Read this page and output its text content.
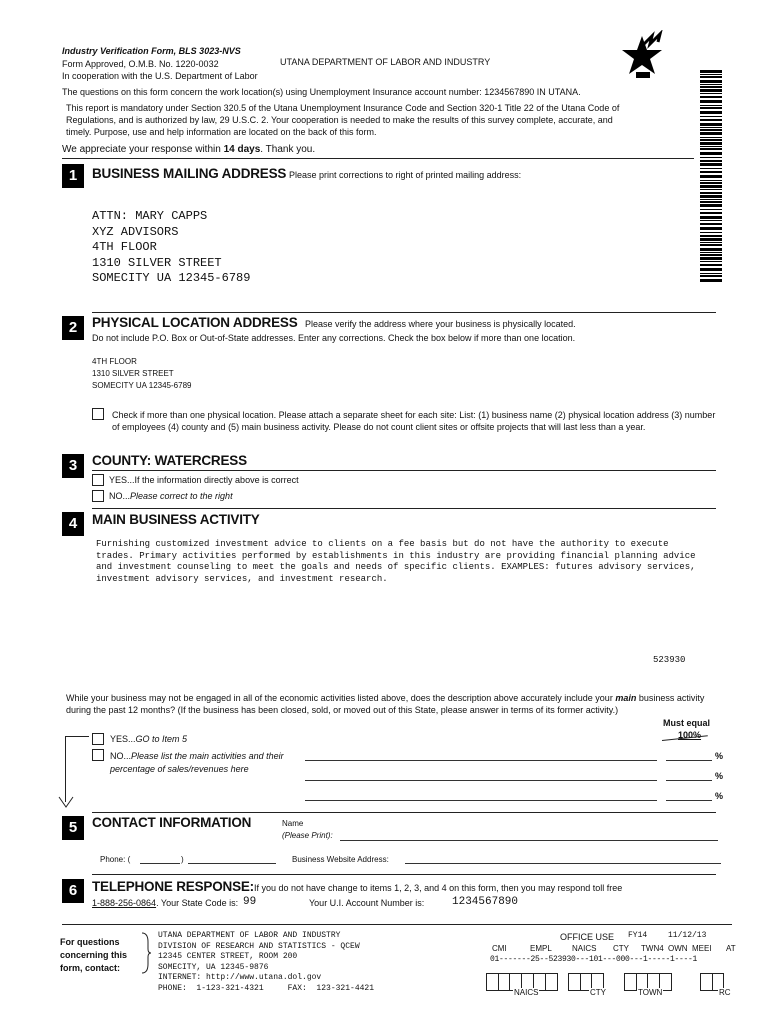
Industry Verification Form, BLS 3023-NVS
Form Approved, O.M.B. No. 1220-0032
In cooperation with the U.S. Department of Labor
UTANA DEPARTMENT OF LABOR AND INDUSTRY
The questions on this form concern the work location(s) using Unemployment Insurance account number: 1234567890 IN UTANA.
This report is mandatory under Section 320.5 of the Utana Unemployment Insurance Code and Section 320-1 Title 22 of the Utana Code of Regulations, and is authorized by law, 29 U.S.C. 2. Your cooperation is needed to make the results of this survey complete, accurate, and timely. Purpose, use and help information are located on the back of this form.
We appreciate your response within 14 days. Thank you.
1	BUSINESS MAILING ADDRESS Please print corrections to right of printed mailing address:
ATTN: MARY CAPPS
XYZ ADVISORS
4TH FLOOR
1310 SILVER STREET
SOMECITY UA 12345-6789
2	PHYSICAL LOCATION ADDRESS Please verify the address where your business is physically located.
Do not include P.O. Box or Out-of-State addresses. Enter any corrections. Check the box below if more than one location.
4TH FLOOR
1310 SILVER STREET
SOMECITY UA 12345-6789
Check if more than one physical location. Please attach a separate sheet for each site: List: (1) business name (2) physical location address (3) number of employees (4) county and (5) main business activity. Please do not count client sites or offsite projects that will last less than a year.
3	COUNTY: WATERCRESS
YES...If the information directly above is correct
NO...Please correct to the right
4	MAIN BUSINESS ACTIVITY
Furnishing customized investment advice to clients on a fee basis but do not have the authority to execute trades. Primary activities performed by establishments in this industry are providing financial planning advice and investment counseling to meet the goals and needs of specific clients. EXAMPLES: futures advisory services, investment advisory services, and investment research.
523930
While your business may not be engaged in all of the economic activities listed above, does the description above accurately include your main business activity during the past 12 months? (If the business has been closed, sold, or moved out of this State, please answer in terms of its former activity.)
Must equal
100%
YES...GO to Item 5
NO...Please list the main activities and their percentage of sales/revenues here
%
%
%
5	CONTACT INFORMATION	Name
(Please Print):
Phone: (	)	Business Website Address:
6	TELEPHONE RESPONSE: If you do not have change to items 1, 2, 3, and 4 on this form, then you may respond toll free
1-888-256-0864. Your State Code is: 99	Your U.I. Account Number is:	1234567890
For questions concerning this form, contact:
UTANA DEPARTMENT OF LABOR AND INDUSTRY
DIVISION OF RESEARCH AND STATISTICS - QCEW
12345 CENTER STREET, ROOM 200
SOMECITY, UA 12345-9876
INTERNET: http://www.utana.dol.gov
PHONE:  1-123-321-4321     FAX:  123-321-4421
OFFICE USE FY14	11/12/13
CMI	EMPL	NAICS CTY TWN4 OWN MEEI AT
01-------25--523930---101---000---1-----1----1
NAICS	CTY	TOWN	RC
